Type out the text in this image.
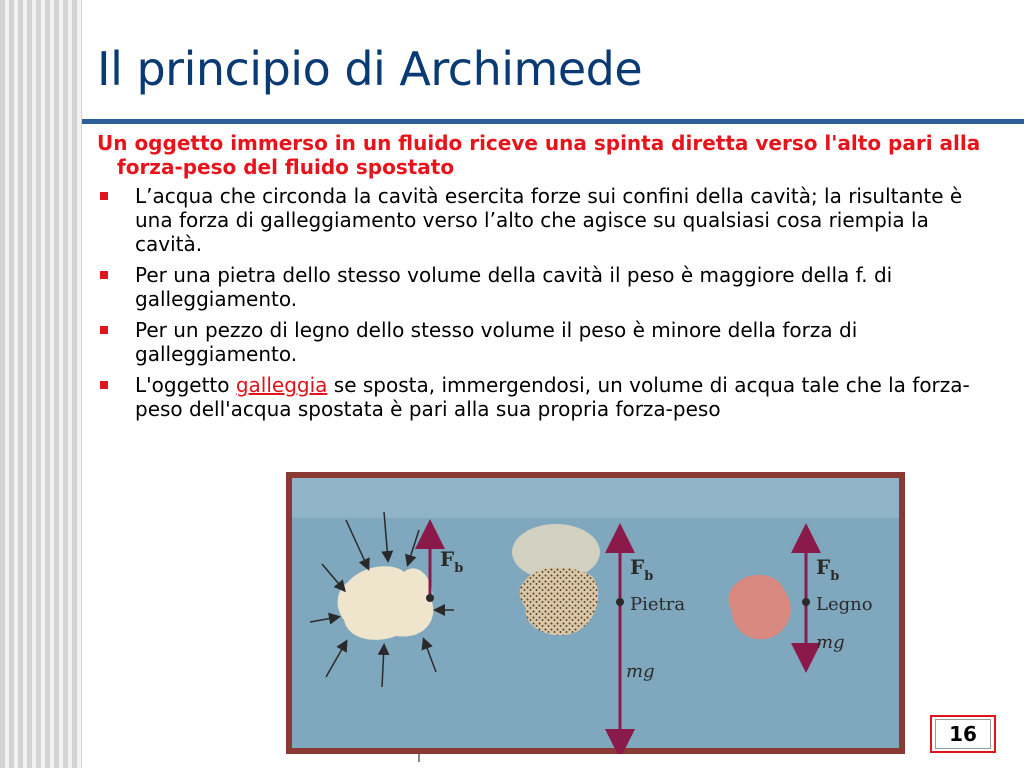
Il principio di Archimede
Un oggetto immerso in un fluido riceve una spinta diretta verso l'alto pari alla forza-peso del fluido spostato
L’acqua che circonda la cavità esercita forze sui confini della cavità; la risultante è una forza di galleggiamento verso l’alto che agisce su qualsiasi cosa riempia la cavità.
Per una pietra dello stesso volume della cavità il peso è maggiore della f. di galleggiamento.
Per un pezzo di legno dello stesso volume il peso è minore della forza di galleggiamento.
L'oggetto galleggia se sposta, immergendosi, un volume di acqua tale che la forza-peso dell'acqua spostata è pari alla sua propria forza-peso
$F_b$	$F_b$
Pietra
mg
$F_b$
Legno
mg
16
